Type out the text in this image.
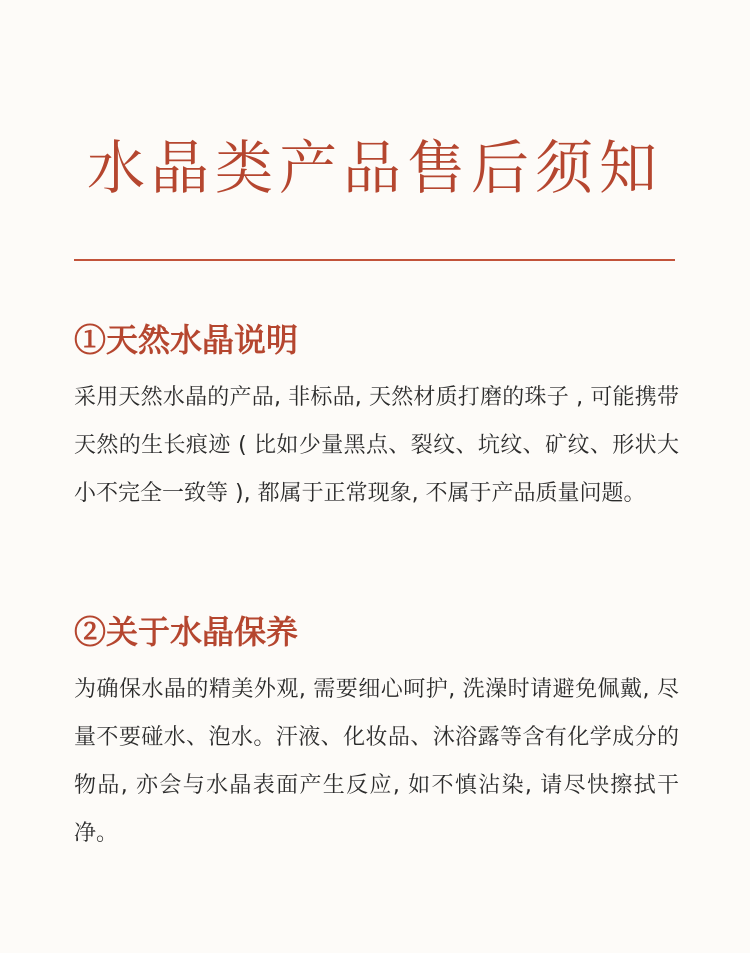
水晶类产品售后须知
①天然水晶说明

采用天然水晶的产品, 非标品, 天然材质打磨的珠子 , 可能携带天然的生长痕迹 ( 比如少量黑点、裂纹、坑纹、矿纹、形状大小不完全一致等 ), 都属于正常现象, 不属于产品质量问题。

②关于水晶保养

为确保水晶的精美外观, 需要细心呵护, 洗澡时请避免佩戴, 尽量不要碰水、泡水。汗液、化妆品、沐浴露等含有化学成分的物品, 亦会与水晶表面产生反应, 如不慎沾染, 请尽快擦拭干净。
